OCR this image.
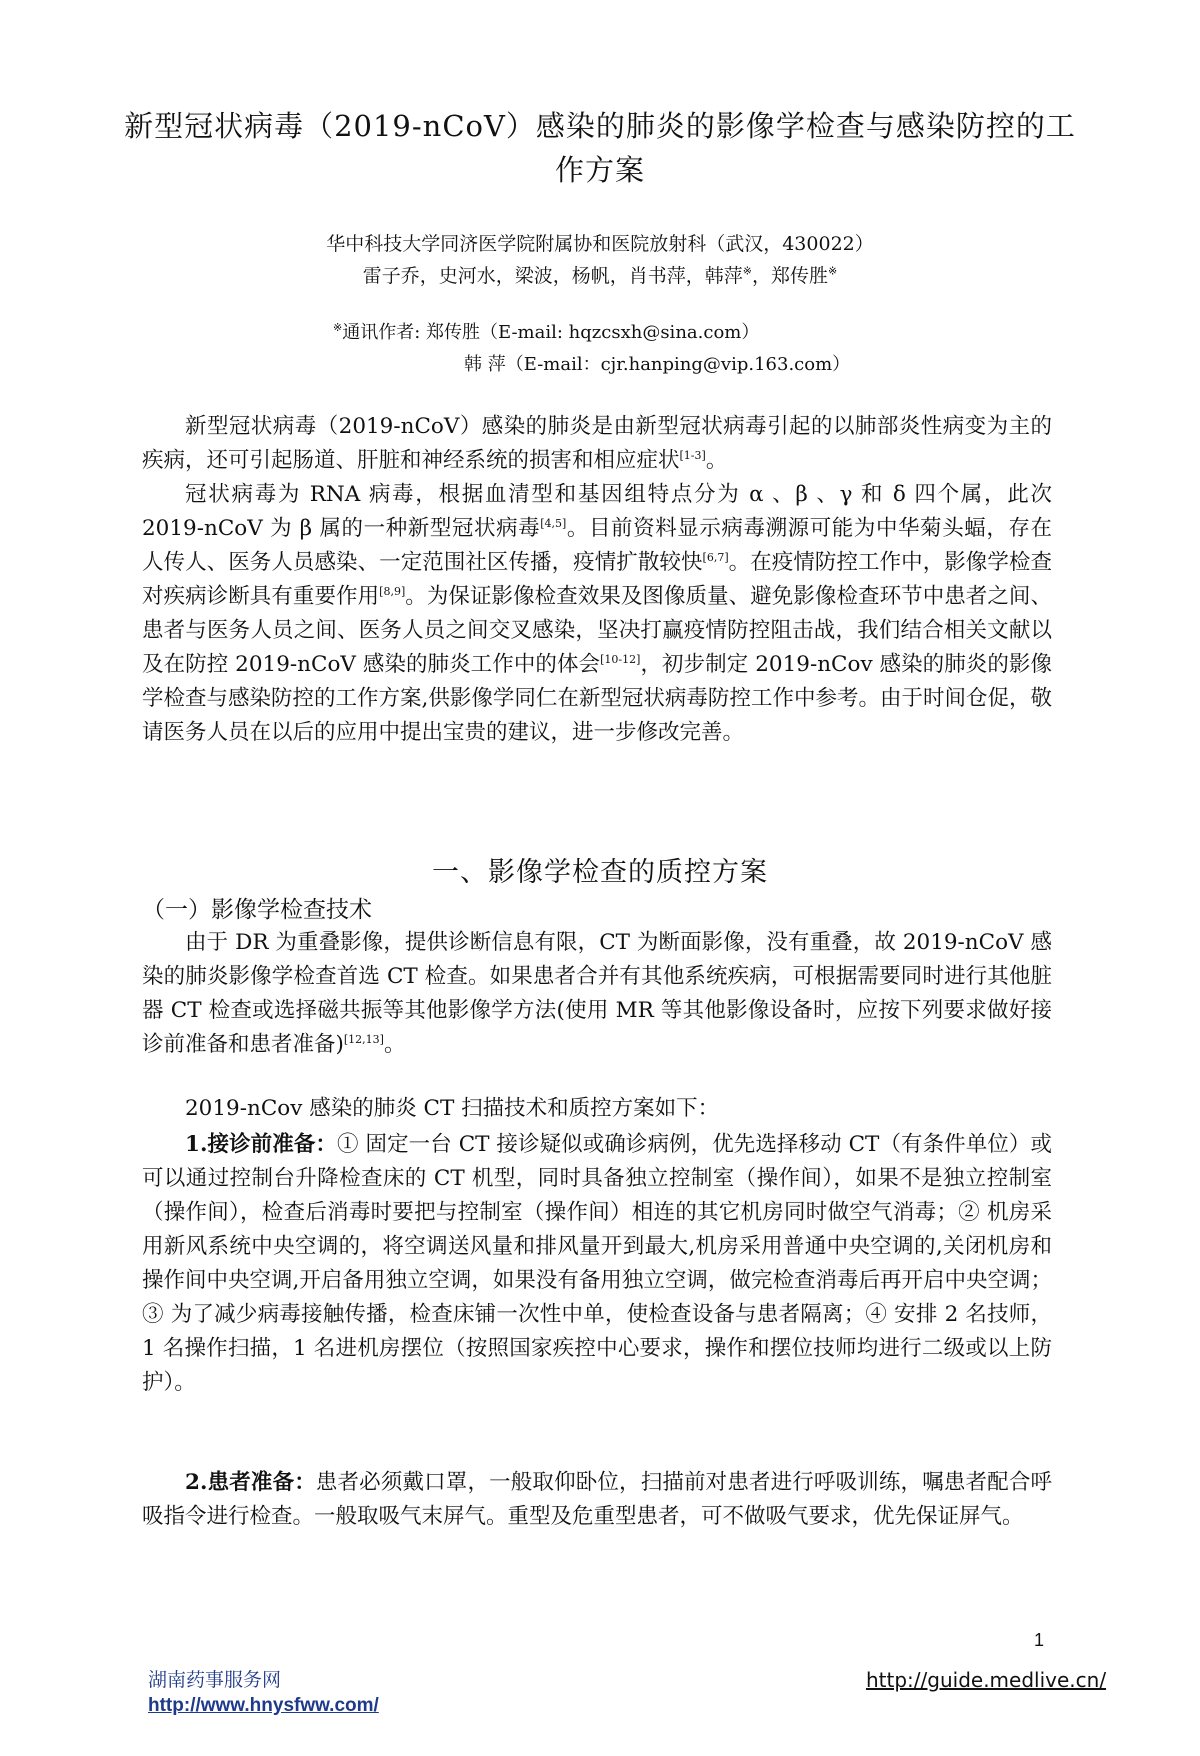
新型冠状病毒（2019-nCoV）感染的肺炎的影像学检查与感染防控的工作方案
华中科技大学同济医学院附属协和医院放射科（武汉，430022）
雷子乔，史河水，梁波，杨帆，肖书萍，韩萍※，郑传胜※
※通讯作者: 郑传胜（E-mail: hqzcsxh@sina.com）
韩 萍（E-mail：cjr.hanping@vip.163.com）

新型冠状病毒（2019-nCoV）感染的肺炎是由新型冠状病毒引起的以肺部炎性病变为主的疾病，还可引起肠道、肝脏和神经系统的损害和相应症状[1-3]。

冠状病毒为 RNA 病毒，根据血清型和基因组特点分为 α 、β 、γ 和 δ 四个属，此次 2019-nCoV 为 β 属的一种新型冠状病毒[4,5]。目前资料显示病毒溯源可能为中华菊头蝠，存在人传人、医务人员感染、一定范围社区传播，疫情扩散较快[6,7]。在疫情防控工作中，影像学检查对疾病诊断具有重要作用[8,9]。为保证影像检查效果及图像质量、避免影像检查环节中患者之间、患者与医务人员之间、医务人员之间交叉感染，坚决打赢疫情防控阻击战，我们结合相关文献以及在防控 2019-nCoV 感染的肺炎工作中的体会[10-12]，初步制定 2019-nCov 感染的肺炎的影像学检查与感染防控的工作方案,供影像学同仁在新型冠状病毒防控工作中参考。由于时间仓促，敬请医务人员在以后的应用中提出宝贵的建议，进一步修改完善。

一、影像学检查的质控方案
（一）影像学检查技术

由于 DR 为重叠影像，提供诊断信息有限，CT 为断面影像，没有重叠，故 2019-nCoV 感染的肺炎影像学检查首选 CT 检查。如果患者合并有其他系统疾病，可根据需要同时进行其他脏器 CT 检查或选择磁共振等其他影像学方法(使用 MR 等其他影像设备时，应按下列要求做好接诊前准备和患者准备)[12,13]。

2019-nCov 感染的肺炎 CT 扫描技术和质控方案如下：

1.接诊前准备：① 固定一台 CT 接诊疑似或确诊病例，优先选择移动 CT（有条件单位）或可以通过控制台升降检查床的 CT 机型，同时具备独立控制室（操作间），如果不是独立控制室（操作间），检查后消毒时要把与控制室（操作间）相连的其它机房同时做空气消毒；② 机房采用新风系统中央空调的，将空调送风量和排风量开到最大,机房采用普通中央空调的,关闭机房和操作间中央空调,开启备用独立空调，如果没有备用独立空调，做完检查消毒后再开启中央空调；③ 为了减少病毒接触传播，检查床铺一次性中单，使检查设备与患者隔离；④ 安排 2 名技师，1 名操作扫描，1 名进机房摆位（按照国家疾控中心要求，操作和摆位技师均进行二级或以上防护）。

2.患者准备：患者必须戴口罩，一般取仰卧位，扫描前对患者进行呼吸训练，嘱患者配合呼吸指令进行检查。一般取吸气末屏气。重型及危重型患者，可不做吸气要求，优先保证屏气。

1
湖南药事服务网
http://www.hnysfww.com/
http://guide.medlive.cn/
